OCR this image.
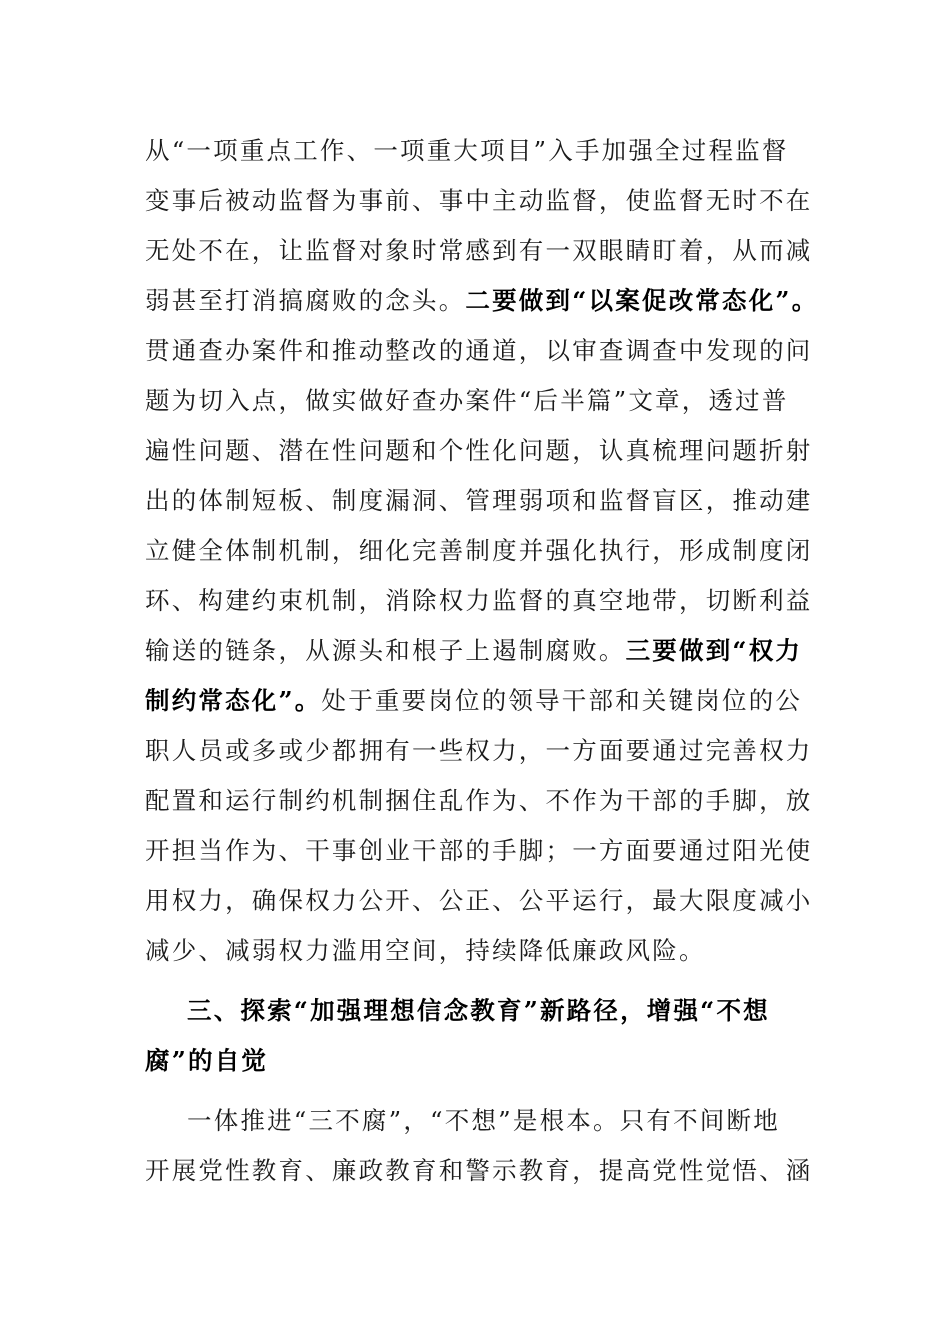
从“一项重点工作、一项重大项目”入手加强全过程监督
变事后被动监督为事前、事中主动监督，使监督无时不在
无处不在，让监督对象时常感到有一双眼睛盯着，从而减
弱甚至打消搞腐败的念头。二要做到“以案促改常态化”。
贯通查办案件和推动整改的通道，以审查调查中发现的问
题为切入点，做实做好查办案件“后半篇”文章，透过普
遍性问题、潜在性问题和个性化问题，认真梳理问题折射
出的体制短板、制度漏洞、管理弱项和监督盲区，推动建
立健全体制机制，细化完善制度并强化执行，形成制度闭
环、构建约束机制，消除权力监督的真空地带，切断利益
输送的链条，从源头和根子上遏制腐败。三要做到“权力
制约常态化”。处于重要岗位的领导干部和关键岗位的公
职人员或多或少都拥有一些权力，一方面要通过完善权力
配置和运行制约机制捆住乱作为、不作为干部的手脚，放
开担当作为、干事创业干部的手脚；一方面要通过阳光使
用权力，确保权力公开、公正、公平运行，最大限度减小
减少、减弱权力滥用空间，持续降低廉政风险。
三、探索“加强理想信念教育”新路径，增强“不想
腐”的自觉
一体推进“三不腐”，“不想”是根本。只有不间断地
开展党性教育、廉政教育和警示教育，提高党性觉悟、涵
